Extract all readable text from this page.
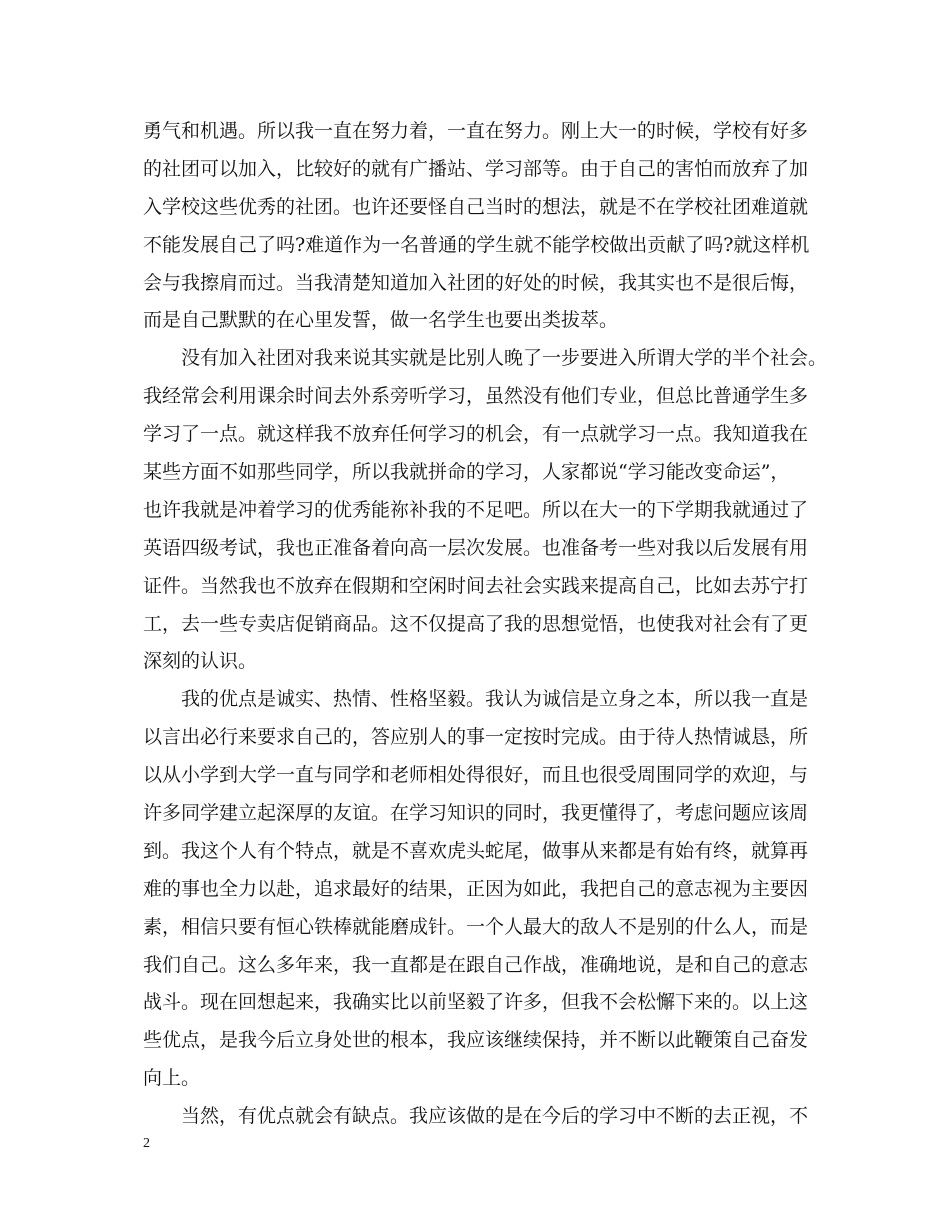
勇气和机遇。所以我一直在努力着，一直在努力。刚上大一的时候，学校有好多
的社团可以加入，比较好的就有广播站、学习部等。由于自己的害怕而放弃了加
入学校这些优秀的社团。也许还要怪自己当时的想法，就是不在学校社团难道就
不能发展自己了吗?难道作为一名普通的学生就不能学校做出贡献了吗?就这样机
会与我擦肩而过。当我清楚知道加入社团的好处的时候，我其实也不是很后悔，
而是自己默默的在心里发誓，做一名学生也要出类拔萃。
没有加入社团对我来说其实就是比别人晚了一步要进入所谓大学的半个社会。
我经常会利用课余时间去外系旁听学习，虽然没有他们专业，但总比普通学生多
学习了一点。就这样我不放弃任何学习的机会，有一点就学习一点。我知道我在
某些方面不如那些同学，所以我就拼命的学习，人家都说“学习能改变命运”，
也许我就是冲着学习的优秀能祢补我的不足吧。所以在大一的下学期我就通过了
英语四级考试，我也正准备着向高一层次发展。也准备考一些对我以后发展有用
证件。当然我也不放弃在假期和空闲时间去社会实践来提高自己，比如去苏宁打
工，去一些专卖店促销商品。这不仅提高了我的思想觉悟，也使我对社会有了更
深刻的认识。
我的优点是诚实、热情、性格坚毅。我认为诚信是立身之本，所以我一直是
以言出必行来要求自己的，答应别人的事一定按时完成。由于待人热情诚恳，所
以从小学到大学一直与同学和老师相处得很好，而且也很受周围同学的欢迎，与
许多同学建立起深厚的友谊。在学习知识的同时，我更懂得了，考虑问题应该周
到。我这个人有个特点，就是不喜欢虎头蛇尾，做事从来都是有始有终，就算再
难的事也全力以赴，追求最好的结果，正因为如此，我把自己的意志视为主要因
素，相信只要有恒心铁棒就能磨成针。一个人最大的敌人不是别的什么人，而是
我们自己。这么多年来，我一直都是在跟自己作战，准确地说，是和自己的意志
战斗。现在回想起来，我确实比以前坚毅了许多，但我不会松懈下来的。以上这
些优点，是我今后立身处世的根本，我应该继续保持，并不断以此鞭策自己奋发
向上。
当然，有优点就会有缺点。我应该做的是在今后的学习中不断的去正视，不
2
